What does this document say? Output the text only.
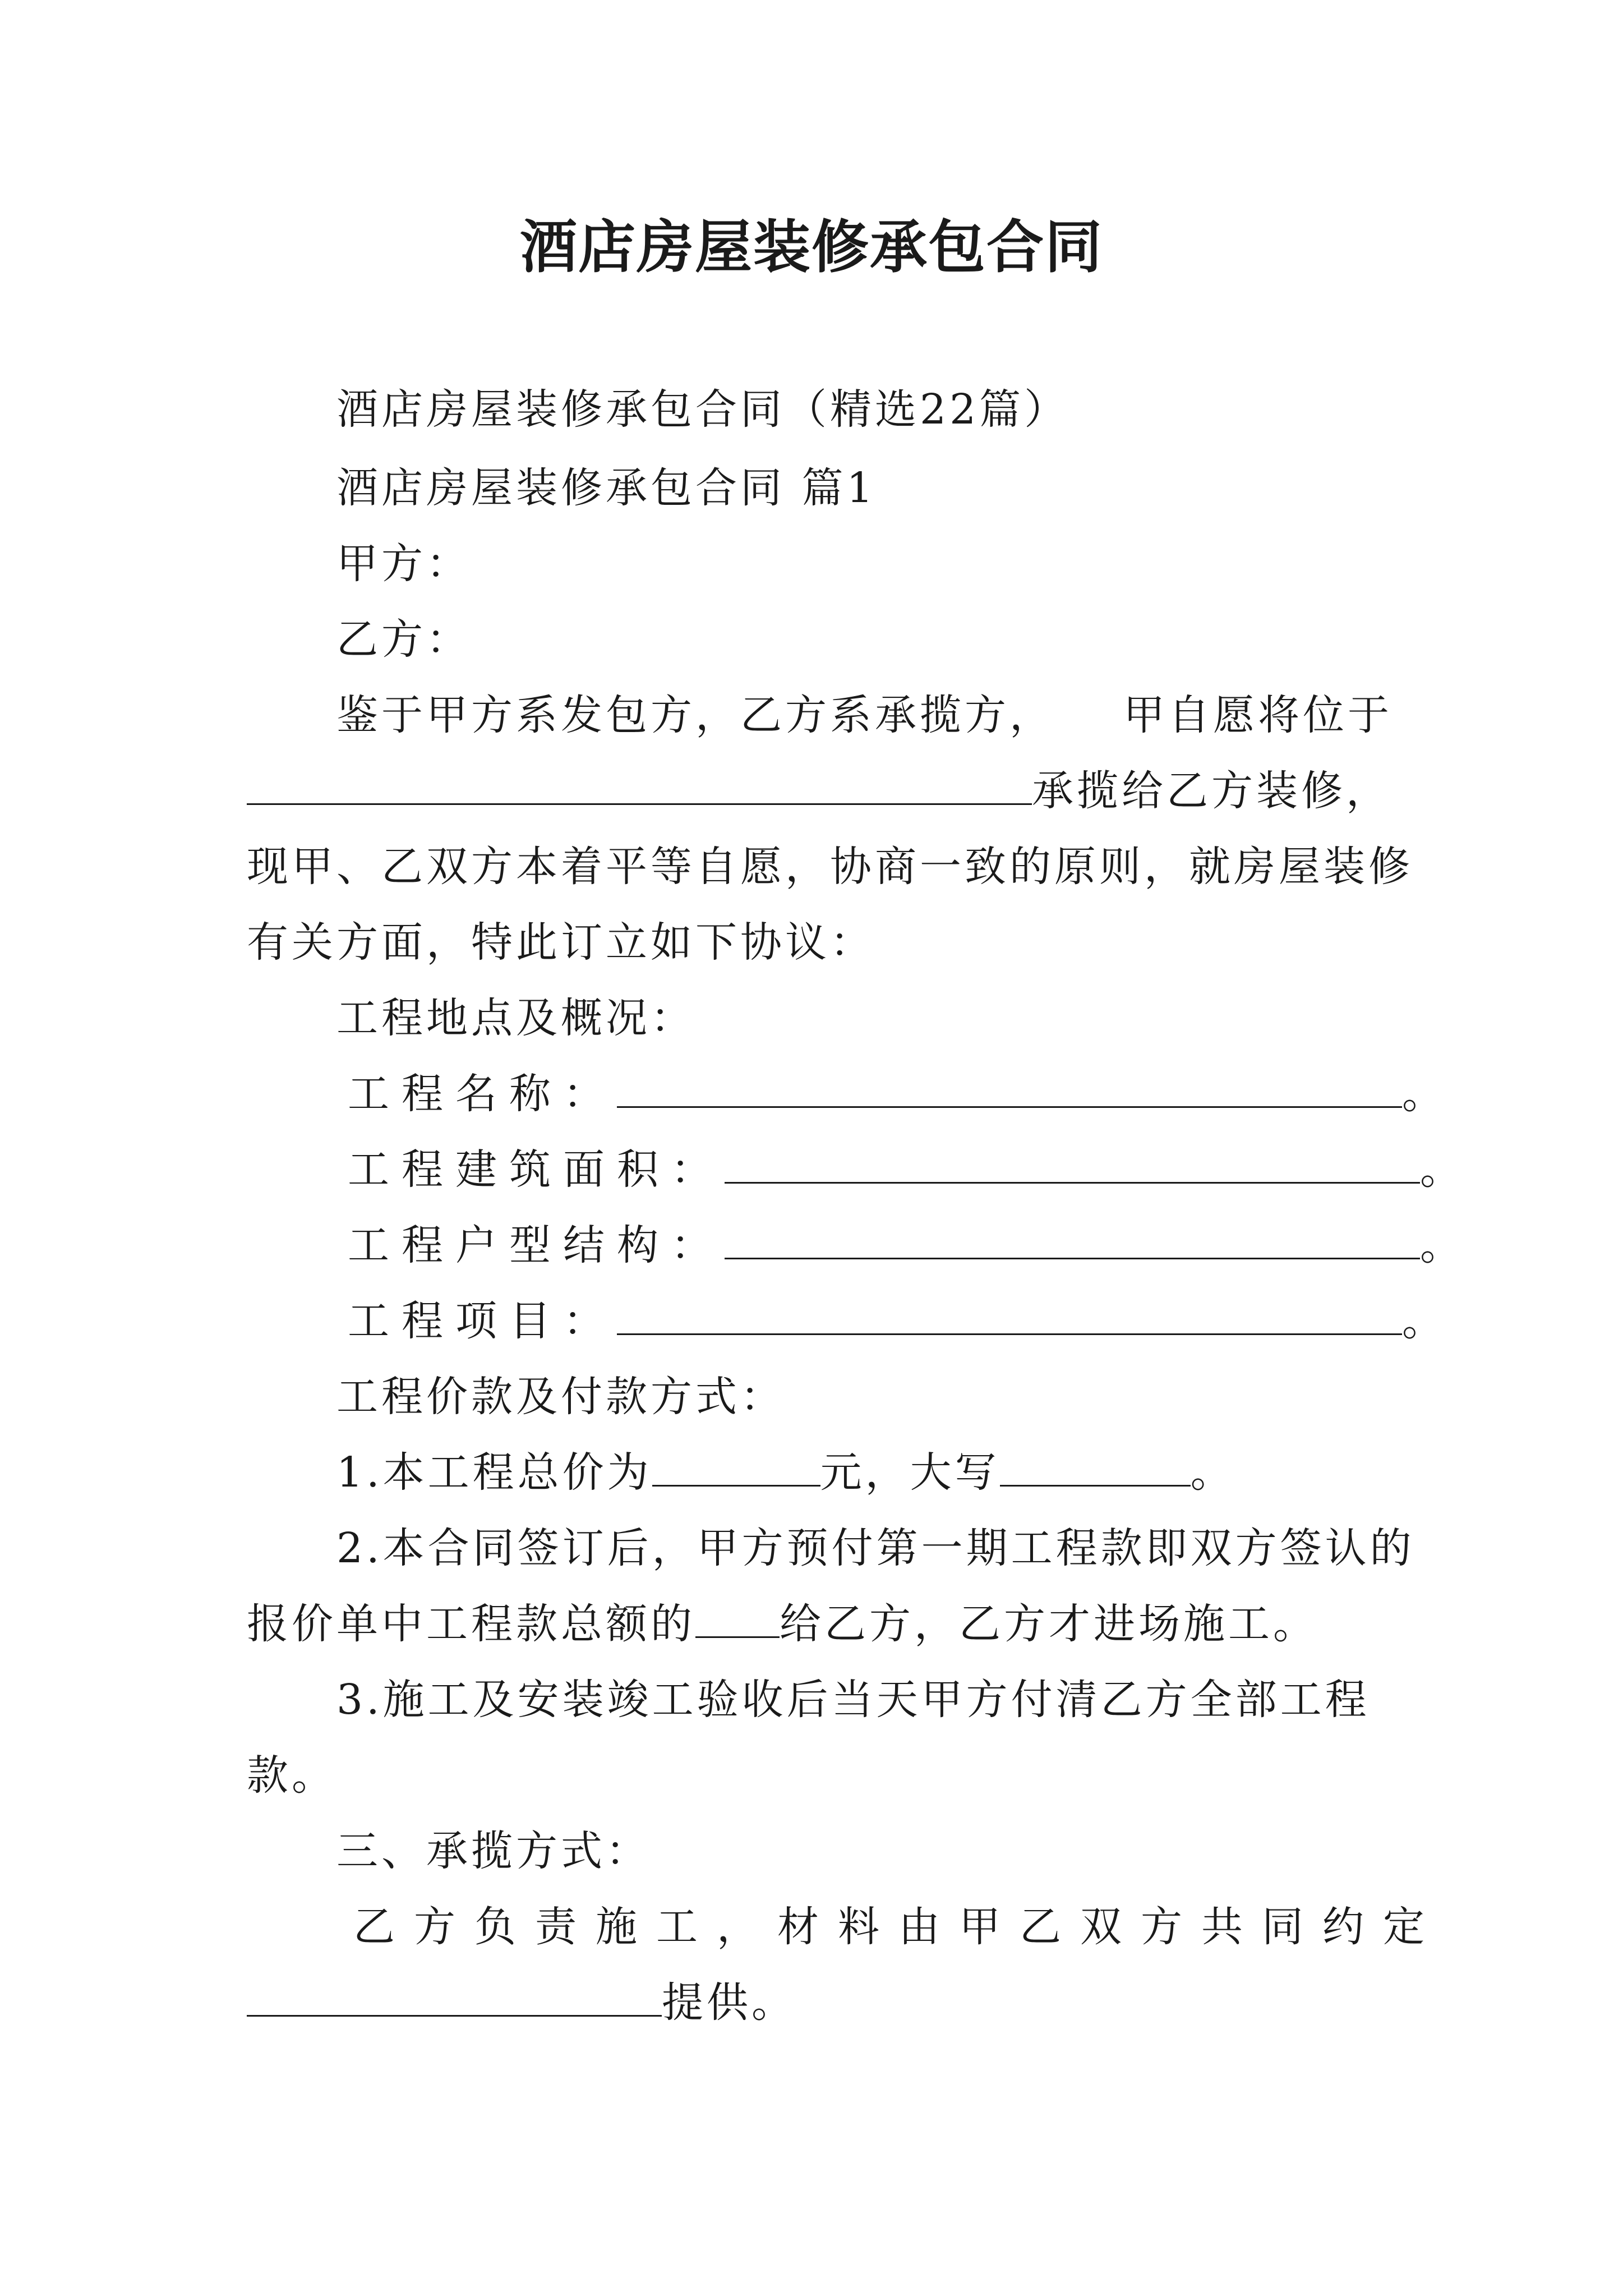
酒店房屋装修承包合同
酒店房屋装修承包合同（精选22篇）
酒店房屋装修承包合同 篇1
甲方：
乙方：
鉴于甲方系发包方，乙方系承揽方，　　甲自愿将位于
承揽给乙方装修，
现甲、乙双方本着平等自愿，协商一致的原则，就房屋装修
有关方面，特此订立如下协议：
工程地点及概况：
工程名称：	。
工程建筑面积：	。
工程户型结构：	。
工程项目：	。
工程价款及付款方式：
1.本工程总价为	元，大写	。
2.本合同签订后，甲方预付第一期工程款即双方签认的
报价单中工程款总额的 给乙方，乙方才进场施工。
3.施工及安装竣工验收后当天甲方付清乙方全部工程
款。
三、承揽方式：
乙方负责施工，材料由甲乙双方共同约定
提供。
